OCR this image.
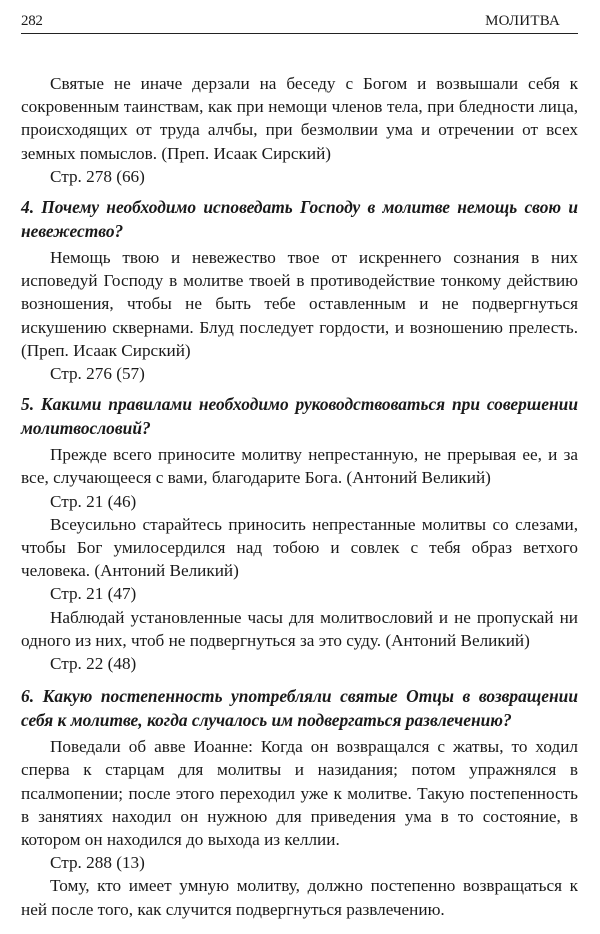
282	МОЛИТВА

Святые не иначе дерзали на беседу с Богом и возвышали себя к сокровенным таинствам, как при немощи членов тела, при бледности лица, происходящих от труда алчбы, при безмолвии ума и отречении от всех земных помыслов. (Преп. Исаак Сирский)

Стр. 278 (66)

4. Почему необходимо исповедать Господу в молитве немощь свою и невежество?

Немощь твою и невежество твое от искреннего сознания в них исповедуй Господу в молитве твоей в противодействие тонкому действию возношения, чтобы не быть тебе оставленным и не подвергнуться искушению сквернами. Блуд последует гордости, и возношению прелесть. (Преп. Исаак Сирский)

Стр. 276 (57)

5. Какими правилами необходимо руководствоваться при совершении молитвословий?

Прежде всего приносите молитву непрестанную, не прерывая ее, и за все, случающееся с вами, благодарите Бога. (Антоний Великий)

Стр. 21 (46)

Всеусильно старайтесь приносить непрестанные молитвы со слезами, чтобы Бог умилосердился над тобою и совлек с тебя образ ветхого человека. (Антоний Великий)

Стр. 21 (47)

Наблюдай установленные часы для молитвословий и не пропускай ни одного из них, чтоб не подвергнуться за это суду. (Антоний Великий)

Стр. 22 (48)

6. Какую постепенность употребляли святые Отцы в возвращении себя к молитве, когда случалось им подвергаться развлечению?

Поведали об авве Иоанне: Когда он возвращался с жатвы, то ходил сперва к старцам для молитвы и назидания; потом упражнялся в псалмопении; после этого переходил уже к молитве. Такую постепенность в занятиях находил он нужною для приведения ума в то состояние, в котором он находился до выхода из келлии.

Стр. 288 (13)

Тому, кто имеет умную молитву, должно постепенно возвращаться к ней после того, как случится подвергнуться развлечению.
